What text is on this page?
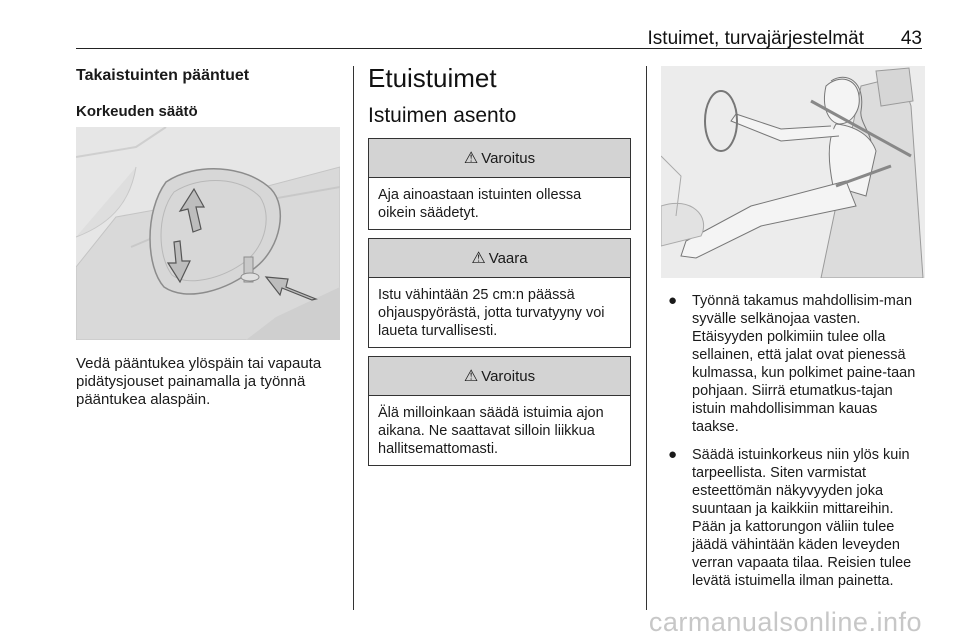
Istuimet, turvajärjestelmät 43

Takaistuinten pääntuet

Korkeuden säätö

Vedä pääntukea ylöspäin tai vapauta pidätysjouset painamalla ja työnnä pääntukea alaspäin.

Etuistuimet

Istuimen asento

⚠ Varoitus
Aja ainoastaan istuinten ollessa oikein säädetyt.
⚠ Vaara
Istu vähintään 25 cm:n päässä ohjauspyörästä, jotta turvatyyny voi laueta turvallisesti.
⚠ Varoitus
Älä milloinkaan säädä istuimia ajon aikana. Ne saattavat silloin liikkua hallitsemattomasti.
●	Työnnä takamus mahdollisim-man syvälle selkänojaa vasten. Etäisyyden polkimiin tulee olla sellainen, että jalat ovat pienessä kulmassa, kun polkimet paine-taan pohjaan. Siirrä etumatkus-tajan istuin mahdollisimman kauas taakse.
●	Säädä istuinkorkeus niin ylös kuin tarpeellista. Siten varmistat esteettömän näkyvyyden joka suuntaan ja kaikkiin mittareihin. Pään ja kattorungon väliin tulee jäädä vähintään käden leveyden verran vapaata tilaa. Reisien tulee levätä istuimella ilman painetta.
carmanualsonline.info
